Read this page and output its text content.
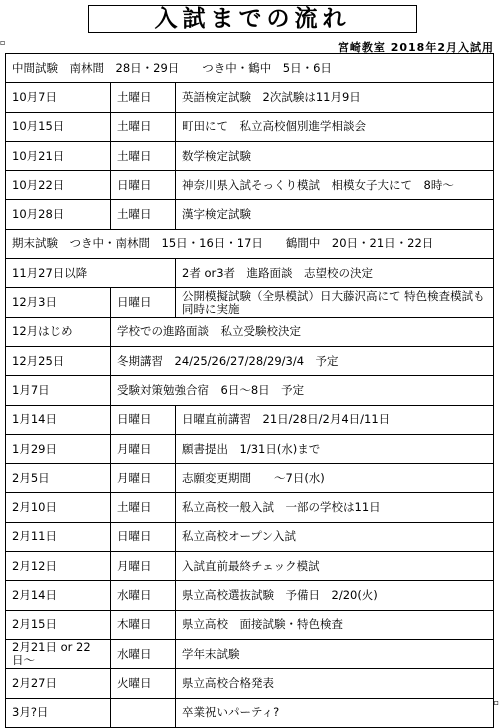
入試までの流れ
▫	宮崎教室 2018年2月入試用
中間試験　南林間　28日・29日　　つき中・鶴中　5日・6日		
10月7日	土曜日	英語検定試験　2次試験は11月9日
10月15日	土曜日	町田にて　私立高校個別進学相談会
10月21日	土曜日	数学検定試験
10月22日	日曜日	神奈川県入試そっくり模試　相模女子大にて　8時〜
10月28日	土曜日	漢字検定試験
期末試験　つき中・南林間　15日・16日・17日　　鶴間中　20日・21日・22日		
11月27日以降		2者 or3者　進路面談　志望校の決定
12月3日	日曜日	公開模擬試験（全県模試）日大藤沢高にて 特色検査模試も同時に実施
12月はじめ	学校での進路面談　私立受験校決定	
12月25日	冬期講習　24/25/26/27/28/29/3/4　予定	
1月7日	受験対策勉強合宿　6日〜8日　予定	
1月14日	日曜日	日曜直前講習　21日/28日/2月4日/11日
1月29日	月曜日	願書提出　1/31日(水)まで
2月5日	月曜日	志願変更期間　　〜7日(水)
2月10日	土曜日	私立高校一般入試　一部の学校は11日
2月11日	日曜日	私立高校オープン入試
2月12日	月曜日	入試直前最終チェック模試
2月14日	水曜日	県立高校選抜試験　予備日　2/20(火)
2月15日	木曜日	県立高校　面接試験・特色検査
2月21日 or 22日〜	水曜日	学年末試験
2月27日	火曜日	県立高校合格発表
3月?日		卒業祝いパーティ?
▫
